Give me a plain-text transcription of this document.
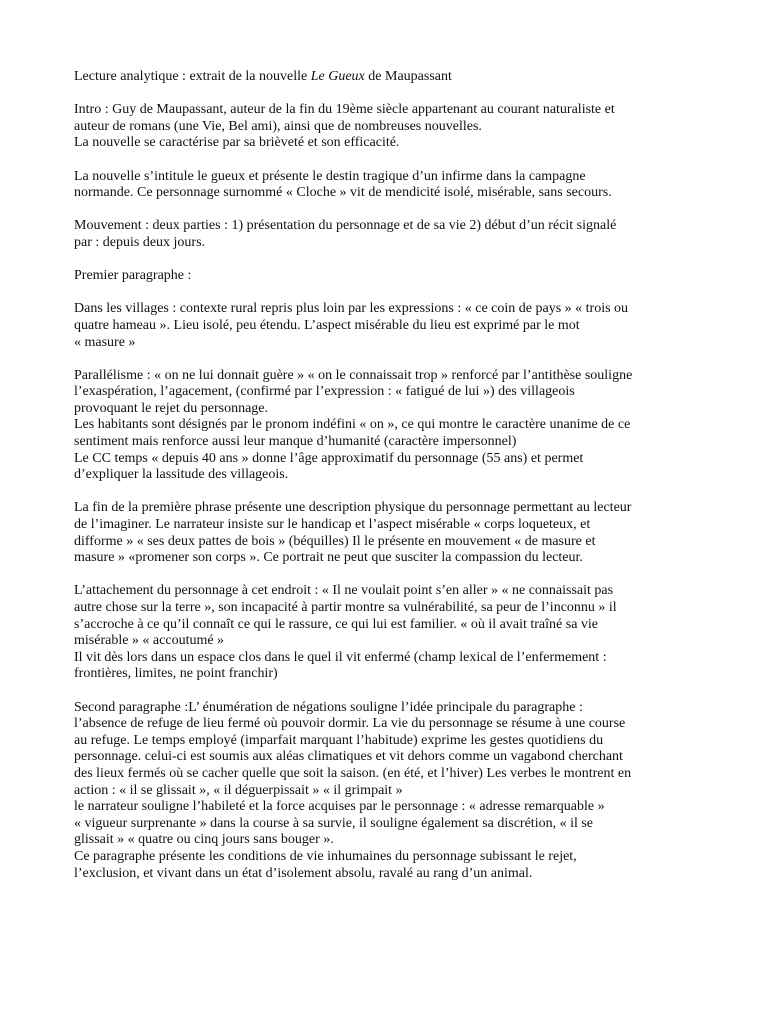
Lecture analytique : extrait de la nouvelle Le Gueux de Maupassant

Intro : Guy de Maupassant, auteur de la fin du 19ème siècle appartenant au courant naturaliste et
auteur de romans (une Vie, Bel ami), ainsi que de nombreuses nouvelles.
La nouvelle se caractérise par sa brièveté et son efficacité.
La nouvelle s’intitule le gueux et présente le destin tragique d’un infirme dans la campagne
normande. Ce personnage surnommé « Cloche » vit de mendicité isolé, misérable, sans secours.
Mouvement : deux parties : 1) présentation du personnage et de sa vie 2) début d’un récit signalé
par : depuis deux jours.
Premier paragraphe :
Dans les villages : contexte rural repris plus loin par les expressions : « ce coin de pays » « trois ou
quatre hameau ». Lieu isolé, peu étendu. L’aspect misérable du lieu est exprimé par le mot
« masure »
Parallélisme : « on ne lui donnait guère » « on le connaissait trop » renforcé par l’antithèse souligne
l’exaspération, l’agacement, (confirmé par l’expression : « fatigué de lui ») des villageois
provoquant le rejet du personnage.
Les habitants sont désignés par le pronom indéfini « on », ce qui montre le caractère unanime de ce
sentiment mais renforce aussi leur manque d’humanité (caractère impersonnel)
Le CC temps « depuis 40 ans » donne l’âge approximatif du personnage (55 ans) et permet
d’expliquer la lassitude des villageois.
La fin de la première phrase présente une description physique du personnage permettant au lecteur
de l’imaginer. Le narrateur insiste sur le handicap et l’aspect misérable « corps loqueteux, et
difforme » « ses deux pattes de bois » (béquilles) Il le présente en mouvement « de masure et
masure » «promener son corps ». Ce portrait ne peut que susciter la compassion du lecteur.
L’attachement du personnage à cet endroit : « Il ne voulait point s’en aller » « ne connaissait pas
autre chose sur la terre », son incapacité à partir montre sa vulnérabilité, sa peur de l’inconnu » il
s’accroche à ce qu’il connaît ce qui le rassure, ce qui lui est familier. « où il avait traîné sa vie
misérable » « accoutumé »
Il vit dès lors dans un espace clos dans le quel il vit enfermé (champ lexical de l’enfermement :
frontières, limites, ne point franchir)
Second paragraphe :L’ énumération de négations souligne l’idée principale du paragraphe :
l’absence de refuge de lieu fermé où pouvoir dormir. La vie du personnage se résume à une course
au refuge. Le temps employé (imparfait marquant l’habitude) exprime les gestes quotidiens du
personnage. celui-ci est soumis aux aléas climatiques et vit dehors comme un vagabond cherchant
des lieux fermés où se cacher quelle que soit la saison. (en été, et l’hiver) Les verbes le montrent en
action : « il se glissait », « il déguerpissait » « il grimpait »
le narrateur souligne l’habileté et la force acquises par le personnage : « adresse remarquable »
« vigueur surprenante » dans la course à sa survie, il souligne également sa discrétion, « il se
glissait » « quatre ou cinq jours sans bouger ».
Ce paragraphe présente les conditions de vie inhumaines du personnage subissant le rejet,
l’exclusion, et vivant dans un état d’isolement absolu, ravalé au rang d’un animal.
